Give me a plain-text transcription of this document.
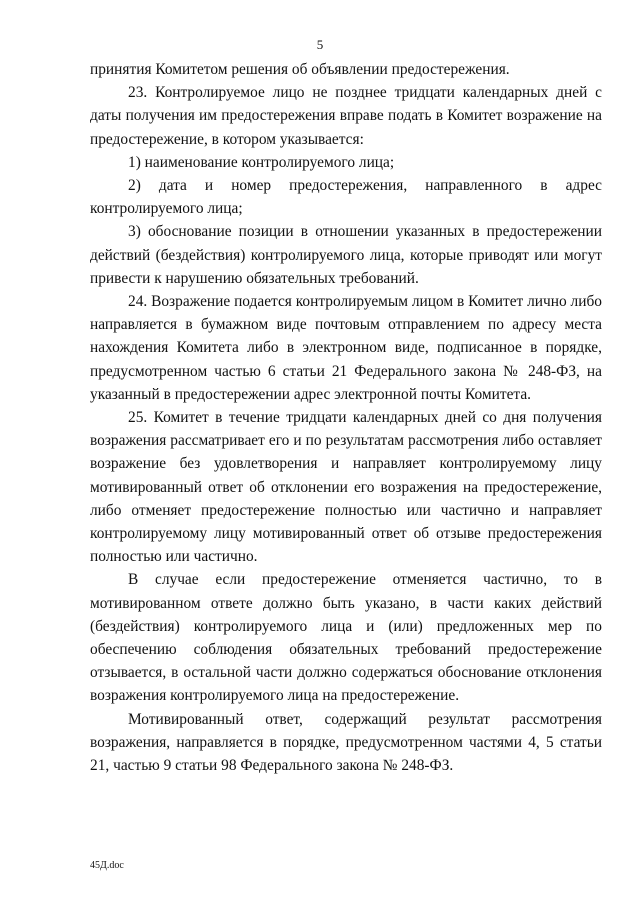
5

принятия Комитетом решения об объявлении предостережения.

23. Контролируемое лицо не позднее тридцати календарных дней с даты получения им предостережения вправе подать в Комитет возражение на предостережение, в котором указывается:

1) наименование контролируемого лица;

2) дата и номер предостережения, направленного в адрес контролируемого лица;

3) обоснование позиции в отношении указанных в предостережении действий (бездействия) контролируемого лица, которые приводят или могут привести к нарушению обязательных требований.

24. Возражение подается контролируемым лицом в Комитет лично либо направляется в бумажном виде почтовым отправлением по адресу места нахождения Комитета либо в электронном виде, подписанное в порядке, предусмотренном частью 6 статьи 21 Федерального закона № 248-ФЗ, на указанный в предостережении адрес электронной почты Комитета.

25. Комитет в течение тридцати календарных дней со дня получения возражения рассматривает его и по результатам рассмотрения либо оставляет возражение без удовлетворения и направляет контролируемому лицу мотивированный ответ об отклонении его возражения на предостережение, либо отменяет предостережение полностью или частично и направляет контролируемому лицу мотивированный ответ об отзыве предостережения полностью или частично.

В случае если предостережение отменяется частично, то в мотивированном ответе должно быть указано, в части каких действий (бездействия) контролируемого лица и (или) предложенных мер по обеспечению соблюдения обязательных требований предостережение отзывается, в остальной части должно содержаться обоснование отклонения возражения контролируемого лица на предостережение.

Мотивированный ответ, содержащий результат рассмотрения возражения, направляется в порядке, предусмотренном частями 4, 5 статьи 21, частью 9 статьи 98 Федерального закона № 248-ФЗ.

45Д.doc
